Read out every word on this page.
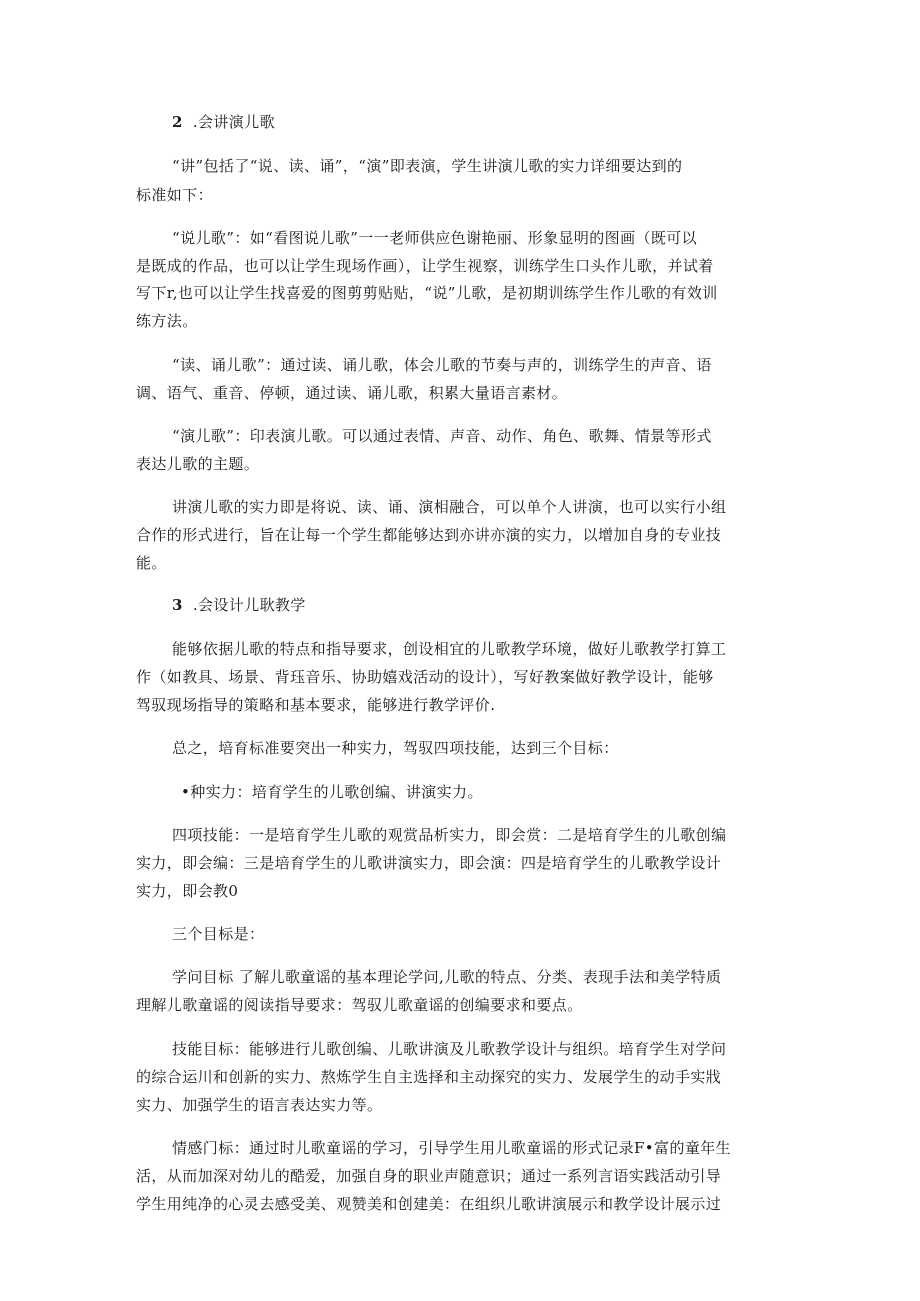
2 .会讲演儿歌
“讲”包括了“说、读、诵”，“演”即表演，学生讲演儿歌的实力详细要达到的
标准如下：
“说儿歌”：如“看图说儿歌”一一老师供应色谢艳丽、形象显明的图画（既可以
是既成的作品，也可以让学生现场作画），让学生视察，训练学生口头作儿歌，并试着
写下r,也可以让学生找喜爱的图剪剪贴贴，“说”儿歌，是初期训练学生作儿歌的有效训
练方法。
“读、诵儿歌”：通过读、诵儿歌，体会儿歌的节奏与声的，训练学生的声音、语
调、语气、重音、停顿，通过读、诵儿歌，积累大量语言素材。
“演儿歌”：印表演儿歌。可以通过表情、声音、动作、角色、歌舞、情景等形式
表达儿歌的主题。
讲演儿歌的实力即是将说、读、诵、演相融合，可以单个人讲演，也可以实行小组
合作的形式进行，旨在让每一个学生都能够达到亦讲亦演的实力，以增加自身的专业技
能。
3 .会设计儿耿教学
能够依据儿歌的特点和指导要求，创设相宜的儿歌教学环境，做好儿歌教学打算工
作（如教具、场景、背珏音乐、协助嬉戏活动的设计），写好教案做好教学设计，能够
驾驭现场指导的策略和基本要求，能够进行教学评价.
总之，培育标准要突出一种实力，驾驭四项技能，达到三个目标：
•种实力：培育学生的儿歌创编、讲演实力。
四项技能：一是培育学生儿歌的观赏品析实力，即会赏：二是培育学生的儿歌创编
实力，即会编：三是培育学生的儿歌讲演实力，即会演：四是培育学生的儿歌教学设计
实力，即会教0
三个目标是：
学问目标 了解儿歌童谣的基本理论学问,儿歌的特点、分类、表现手法和美学特质
理解儿歌童谣的阅读指导要求：驾驭儿歌童谣的创编要求和要点。
技能目标：能够进行儿歌创编、儿歌讲演及儿歌教学设计与组织。培育学生对学问
的综合运川和创新的实力、熬炼学生自主选择和主动探究的实力、发展学生的动手实戕
实力、加强学生的语言表达实力等。
情感门标：通过时儿歌童谣的学习，引导学生用儿歌童谣的形式记录F•富的童年生
活，从而加深对幼儿的酷爱，加强自身的职业声随意识；通过一系列言语实践活动引导
学生用纯净的心灵去感受美、观赞美和创建美：在组织儿歌讲演展示和教学设计展示过
